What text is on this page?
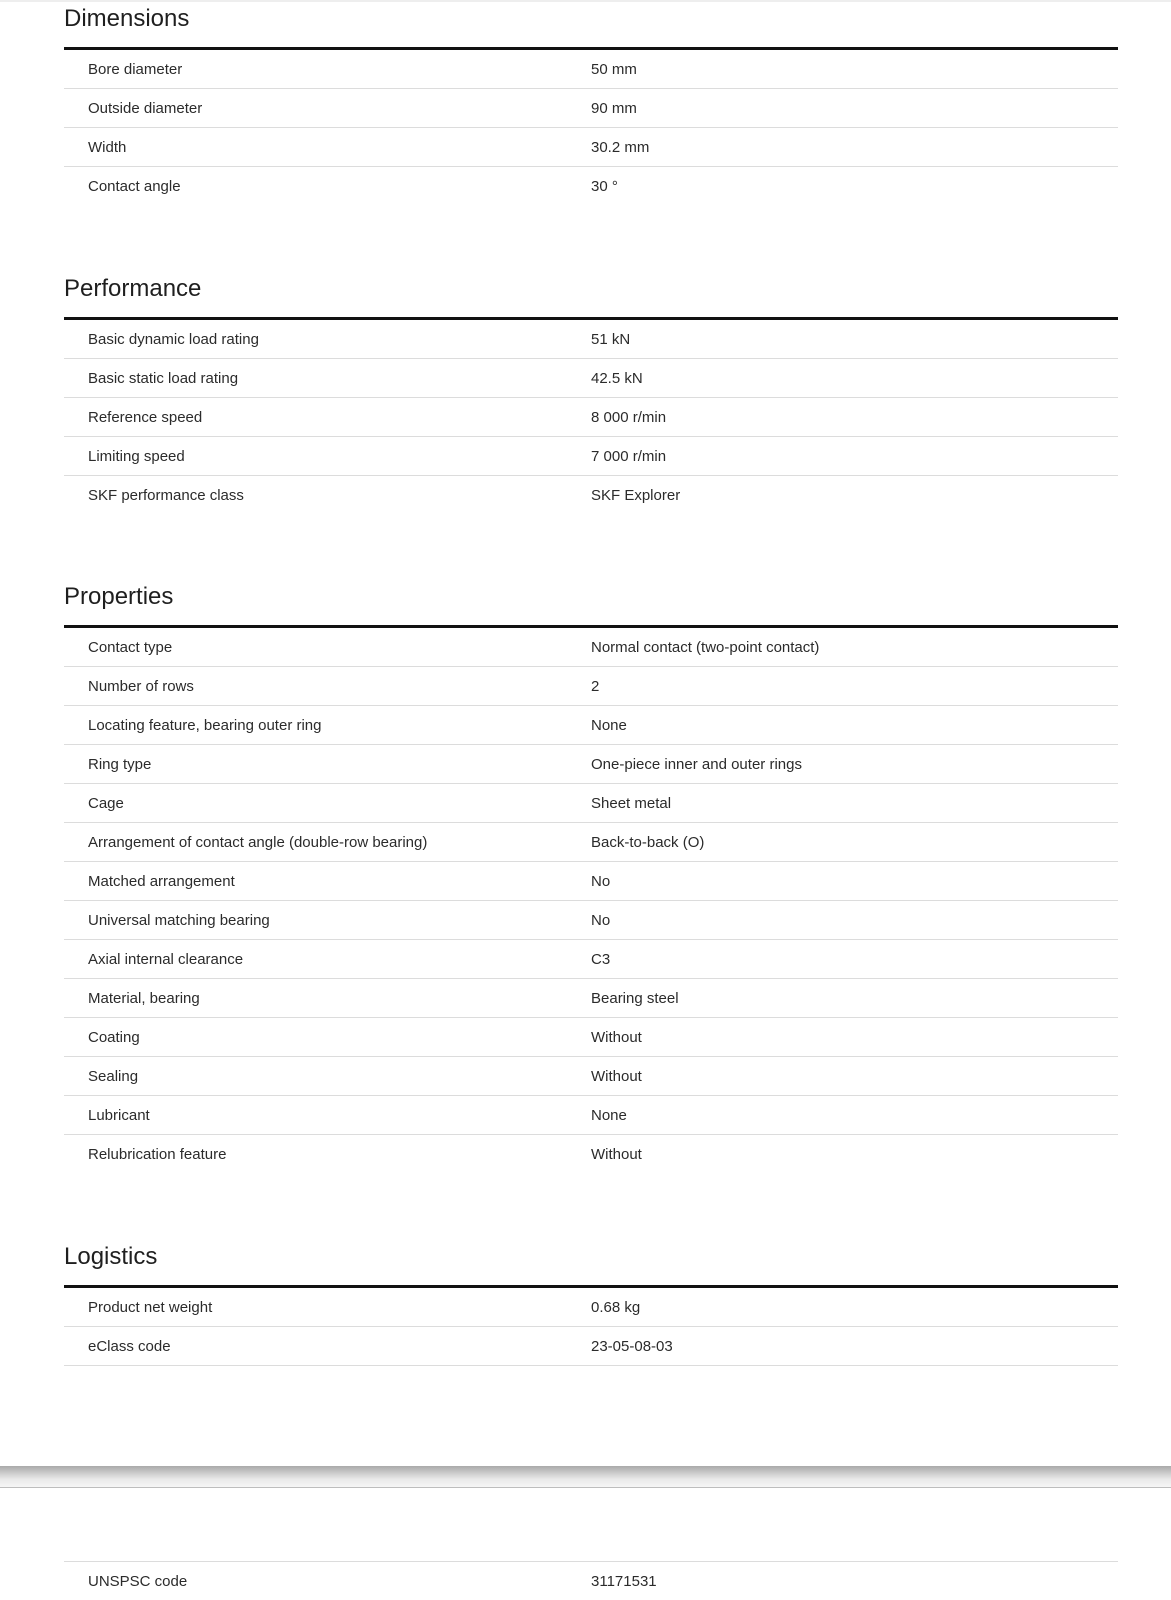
Dimensions
Bore diameter	50 mm
Outside diameter	90 mm
Width	30.2 mm
Contact angle	30 °
Performance
Basic dynamic load rating	51 kN
Basic static load rating	42.5 kN
Reference speed	8 000 r/min
Limiting speed	7 000 r/min
SKF performance class	SKF Explorer
Properties
Contact type	Normal contact (two-point contact)
Number of rows	2
Locating feature, bearing outer ring	None
Ring type	One-piece inner and outer rings
Cage	Sheet metal
Arrangement of contact angle (double-row bearing)	Back-to-back (O)
Matched arrangement	No
Universal matching bearing	No
Axial internal clearance	C3
Material, bearing	Bearing steel
Coating	Without
Sealing	Without
Lubricant	None
Relubrication feature	Without
Logistics
Product net weight	0.68 kg
eClass code	23-05-08-03
UNSPSC code	31171531
